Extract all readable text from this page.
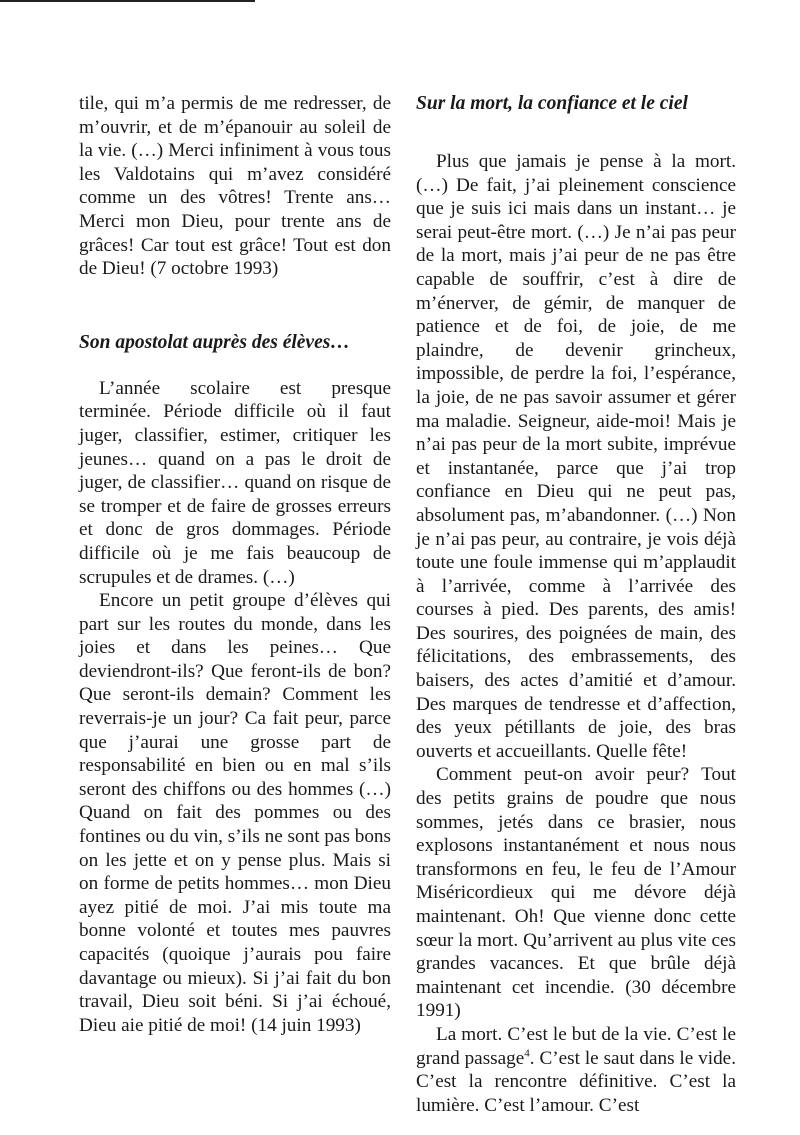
tile, qui m’a permis de me redresser, de m’ouvrir, et de m’épanouir au soleil de la vie. (…) Merci infiniment à vous tous les Valdotains qui m’avez considéré comme un des vôtres! Trente ans… Merci mon Dieu, pour trente ans de grâces! Car tout est grâce! Tout est don de Dieu! (7 octobre 1993)

Son apostolat auprès des élèves…

L’année scolaire est presque terminée. Période difficile où il faut juger, classifier, estimer, critiquer les jeunes… quand on a pas le droit de juger, de classifier… quand on risque de se tromper et de faire de grosses erreurs et donc de gros dommages. Période difficile où je me fais beaucoup de scrupules et de drames. (…)

Encore un petit groupe d’élèves qui part sur les routes du monde, dans les joies et dans les peines… Que deviendront-ils? Que feront-ils de bon? Que seront-ils demain? Comment les reverrais-je un jour? Ca fait peur, parce que j’aurai une grosse part de responsabilité en bien ou en mal s’ils seront des chiffons ou des hommes (…) Quand on fait des pommes ou des fontines ou du vin, s’ils ne sont pas bons on les jette et on y pense plus. Mais si on forme de petits hommes… mon Dieu ayez pitié de moi. J’ai mis toute ma bonne volonté et toutes mes pauvres capacités (quoique j’aurais pou faire davantage ou mieux). Si j’ai fait du bon travail, Dieu soit béni. Si j’ai échoué, Dieu aie pitié de moi! (14 juin 1993)

Sur la mort, la confiance et le ciel

Plus que jamais je pense à la mort. (…) De fait, j’ai pleinement conscience que je suis ici mais dans un instant… je serai peut-être mort. (…) Je n’ai pas peur de la mort, mais j’ai peur de ne pas être capable de souffrir, c’est à dire de m’énerver, de gémir, de manquer de patience et de foi, de joie, de me plaindre, de devenir grincheux, impossible, de perdre la foi, l’espérance, la joie, de ne pas savoir assumer et gérer ma maladie. Seigneur, aide-moi! Mais je n’ai pas peur de la mort subite, imprévue et instantanée, parce que j’ai trop confiance en Dieu qui ne peut pas, absolument pas, m’abandonner. (…) Non je n’ai pas peur, au contraire, je vois déjà toute une foule immense qui m’applaudit à l’arrivée, comme à l’arrivée des courses à pied. Des parents, des amis! Des sourires, des poignées de main, des félicitations, des embrassements, des baisers, des actes d’amitié et d’amour. Des marques de tendresse et d’affection, des yeux pétillants de joie, des bras ouverts et accueillants. Quelle fête!

Comment peut-on avoir peur? Tout des petits grains de poudre que nous sommes, jetés dans ce brasier, nous explosons instantanément et nous nous transformons en feu, le feu de l’Amour Miséricordieux qui me dévore déjà maintenant. Oh! Que vienne donc cette sœur la mort. Qu’arrivent au plus vite ces grandes vacances. Et que brûle déjà maintenant cet incendie. (30 décembre 1991)

La mort. C’est le but de la vie. C’est le grand passage$^4$. C’est le saut dans le vide. C’est la rencontre définitive. C’est la lumière. C’est l’amour. C’est
